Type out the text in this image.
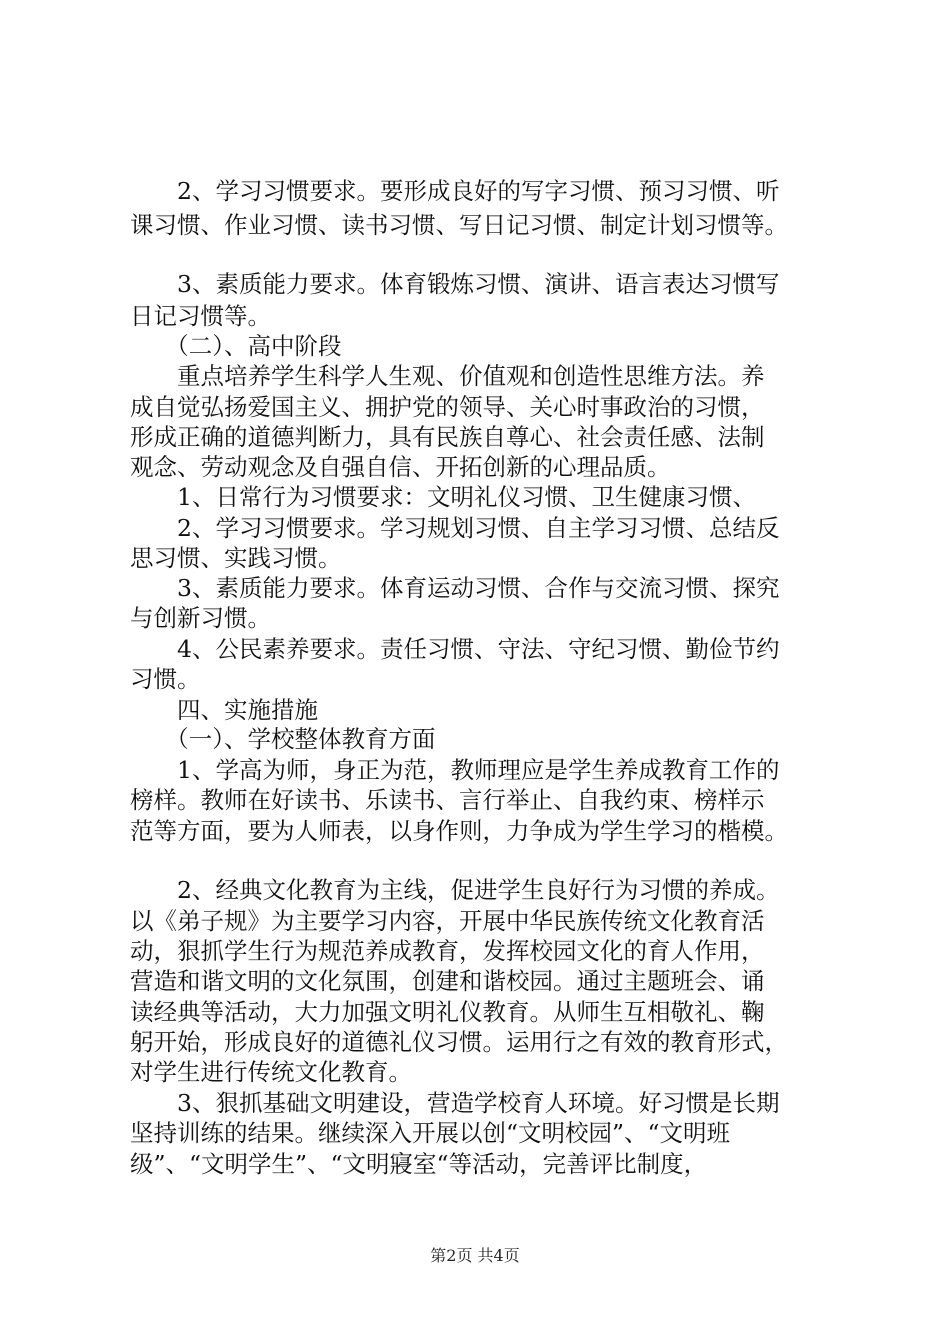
　　2、学习习惯要求。要形成良好的写字习惯、预习习惯、听
课习惯、作业习惯、读书习惯、写日记习惯、制定计划习惯等。
　　3、素质能力要求。体育锻炼习惯、演讲、语言表达习惯写
日记习惯等。
　　（二）、高中阶段
　　重点培养学生科学人生观、价值观和创造性思维方法。养
成自觉弘扬爱国主义、拥护党的领导、关心时事政治的习惯，
形成正确的道德判断力，具有民族自尊心、社会责任感、法制
观念、劳动观念及自强自信、开拓创新的心理品质。
　　1、日常行为习惯要求：文明礼仪习惯、卫生健康习惯、
　　2、学习习惯要求。学习规划习惯、自主学习习惯、总结反
思习惯、实践习惯。
　　3、素质能力要求。体育运动习惯、合作与交流习惯、探究
与创新习惯。
　　4、公民素养要求。责任习惯、守法、守纪习惯、勤俭节约
习惯。
　　四、实施措施
　　（一）、学校整体教育方面
　　1、学高为师，身正为范，教师理应是学生养成教育工作的
榜样。教师在好读书、乐读书、言行举止、自我约束、榜样示
范等方面，要为人师表，以身作则，力争成为学生学习的楷模。
　　2、经典文化教育为主线，促进学生良好行为习惯的养成。
以《弟子规》为主要学习内容，开展中华民族传统文化教育活
动，狠抓学生行为规范养成教育，发挥校园文化的育人作用，
营造和谐文明的文化氛围，创建和谐校园。通过主题班会、诵
读经典等活动，大力加强文明礼仪教育。从师生互相敬礼、鞠
躬开始，形成良好的道德礼仪习惯。运用行之有效的教育形式，
对学生进行传统文化教育。
　　3、狠抓基础文明建设，营造学校育人环境。好习惯是长期
坚持训练的结果。继续深入开展以创“文明校园”、“文明班
级”、“文明学生”、“文明寢室“等活动，完善评比制度，
第2页 共4页
